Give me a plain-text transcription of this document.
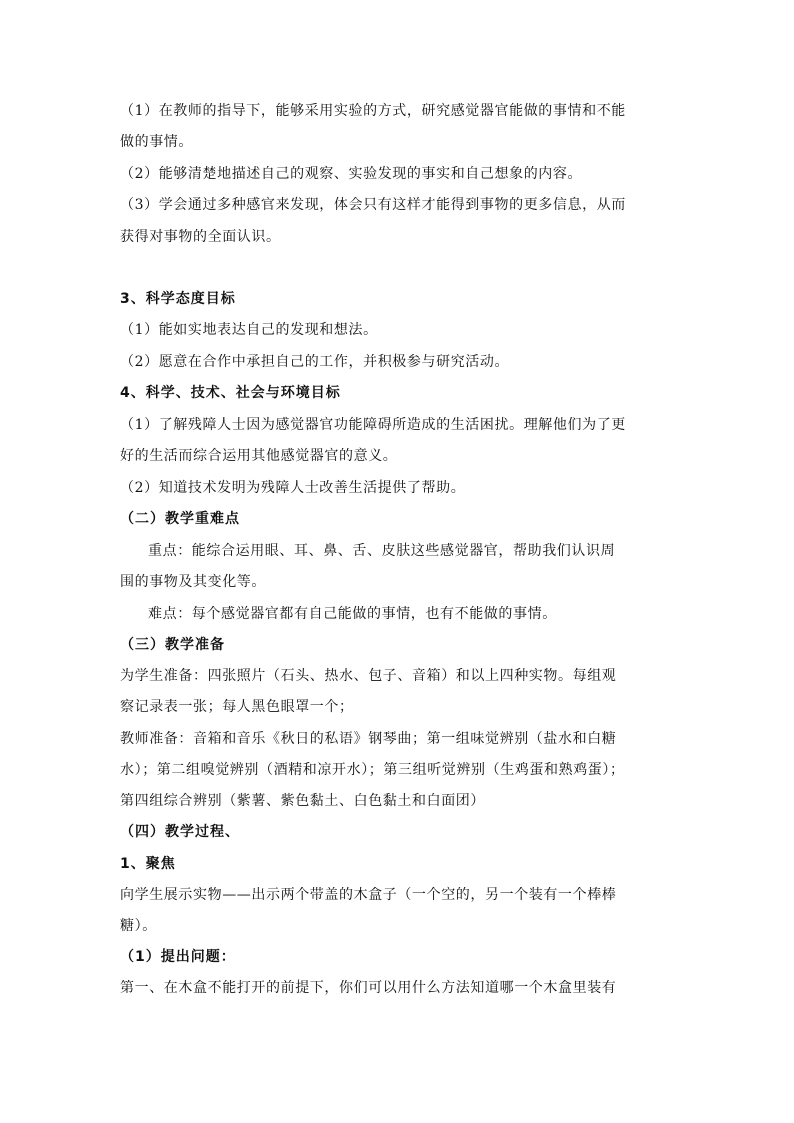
（1）在教师的指导下，能够采用实验的方式，研究感觉器官能做的事情和不能
做的事情。
（2）能够清楚地描述自己的观察、实验发现的事实和自己想象的内容。
（3）学会通过多种感官来发现，体会只有这样才能得到事物的更多信息，从而
获得对事物的全面认识。
3、科学态度目标
（1）能如实地表达自己的发现和想法。
（2）愿意在合作中承担自己的工作，并积极参与研究活动。
4、科学、技术、社会与环境目标
（1）了解残障人士因为感觉器官功能障碍所造成的生活困扰。理解他们为了更
好的生活而综合运用其他感觉器官的意义。
（2）知道技术发明为残障人士改善生活提供了帮助。
（二）教学重难点
重点：能综合运用眼、耳、鼻、舌、皮肤这些感觉器官，帮助我们认识周
围的事物及其变化等。
难点：每个感觉器官都有自己能做的事情，也有不能做的事情。
（三）教学准备
为学生准备：四张照片（石头、热水、包子、音箱）和以上四种实物。每组观
察记录表一张；每人黑色眼罩一个；
教师准备：音箱和音乐《秋日的私语》钢琴曲；第一组味觉辨别（盐水和白糖
水）；第二组嗅觉辨别（酒精和凉开水）；第三组听觉辨别（生鸡蛋和熟鸡蛋）；
第四组综合辨别（紫薯、紫色黏土、白色黏土和白面团）
（四）教学过程、
1、聚焦
向学生展示实物——出示两个带盖的木盒子（一个空的，另一个装有一个棒棒
糖）。
（1）提出问题：
第一、在木盒不能打开的前提下，你们可以用什么方法知道哪一个木盒里装有
